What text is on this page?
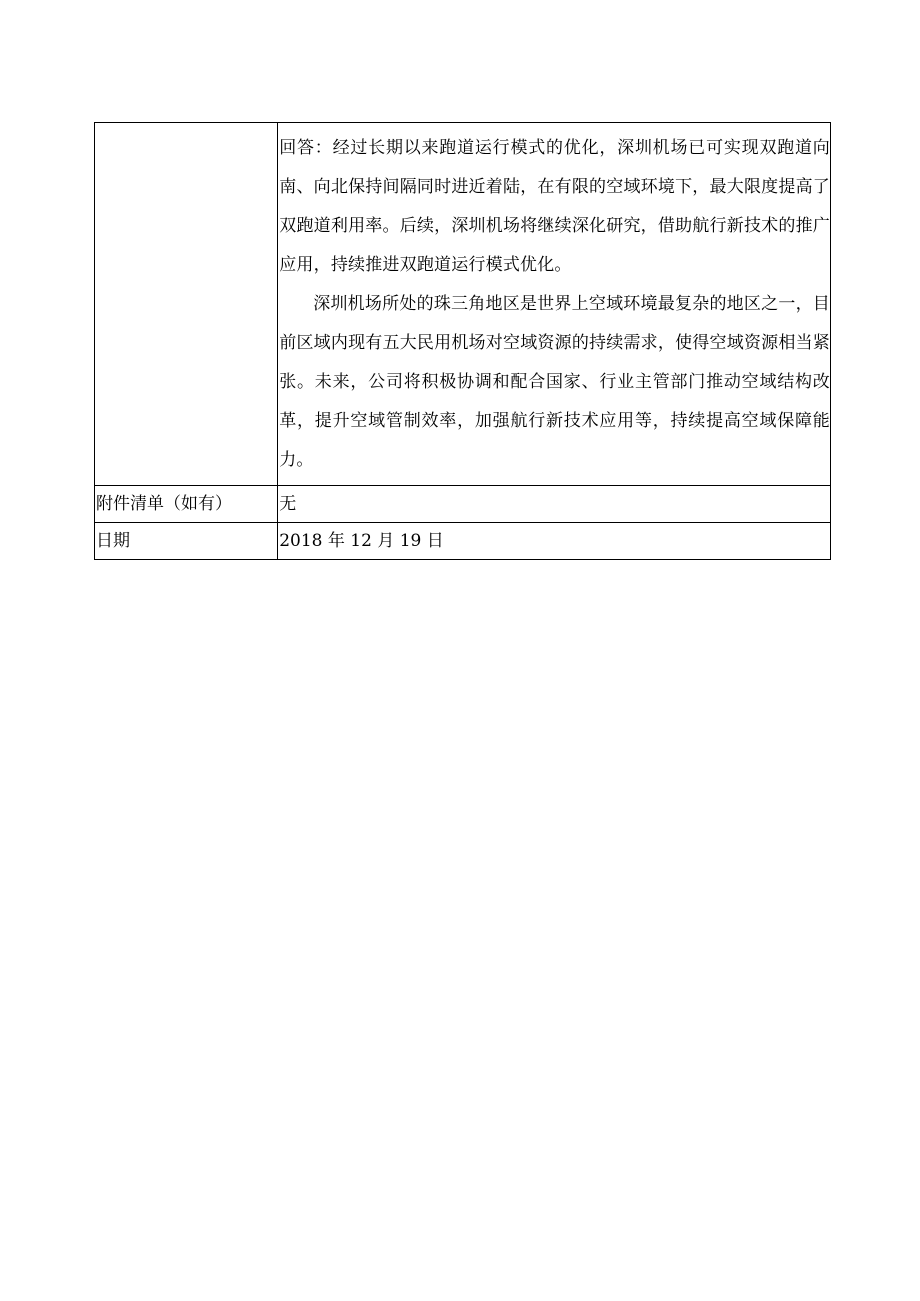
	回答：经过长期以来跑道运行模式的优化，深圳机场已可实现双跑道向南、向北保持间隔同时进近着陆，在有限的空域环境下，最大限度提高了双跑道利用率。后续，深圳机场将继续深化研究，借助航行新技术的推广应用，持续推进双跑道运行模式优化。

深圳机场所处的珠三角地区是世界上空域环境最复杂的地区之一，目前区域内现有五大民用机场对空域资源的持续需求，使得空域资源相当紧张。未来，公司将积极协调和配合国家、行业主管部门推动空域结构改革，提升空域管制效率，加强航行新技术应用等，持续提高空域保障能力。

附件清单（如有）	无

日期	2018 年 12 月 19 日
